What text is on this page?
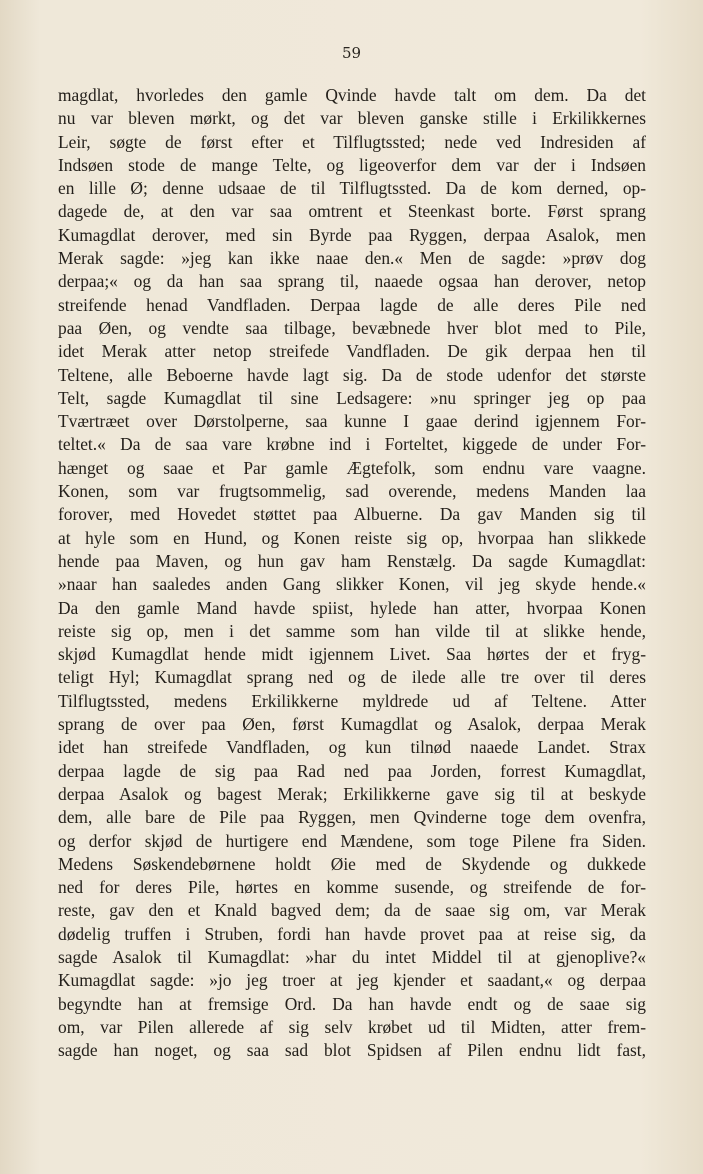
59
magdlat, hvorledes den gamle Qvinde havde talt om dem. Da det
nu var bleven mørkt, og det var bleven ganske stille i Erkilikkernes
Leir, søgte de først efter et Tilflugtssted; nede ved Indresiden af
Indsøen stode de mange Telte, og ligeoverfor dem var der i Indsøen
en lille Ø; denne udsaae de til Tilflugtssted. Da de kom derned, op-
dagede de, at den var saa omtrent et Steenkast borte. Først sprang
Kumagdlat derover, med sin Byrde paa Ryggen, derpaa Asalok, men
Merak sagde: »jeg kan ikke naae den.« Men de sagde: »prøv dog
derpaa;« og da han saa sprang til, naaede ogsaa han derover, netop
streifende henad Vandfladen. Derpaa lagde de alle deres Pile ned
paa Øen, og vendte saa tilbage, bevæbnede hver blot med to Pile,
idet Merak atter netop streifede Vandfladen. De gik derpaa hen til
Teltene, alle Beboerne havde lagt sig. Da de stode udenfor det største
Telt, sagde Kumagdlat til sine Ledsagere: »nu springer jeg op paa
Tværtræet over Dørstolperne, saa kunne I gaae derind igjennem For-
teltet.« Da de saa vare krøbne ind i Forteltet, kiggede de under For-
hænget og saae et Par gamle Ægtefolk, som endnu vare vaagne.
Konen, som var frugtsommelig, sad overende, medens Manden laa
forover, med Hovedet støttet paa Albuerne. Da gav Manden sig til
at hyle som en Hund, og Konen reiste sig op, hvorpaa han slikkede
hende paa Maven, og hun gav ham Renstælg. Da sagde Kumagdlat:
»naar han saaledes anden Gang slikker Konen, vil jeg skyde hende.«
Da den gamle Mand havde spiist, hylede han atter, hvorpaa Konen
reiste sig op, men i det samme som han vilde til at slikke hende,
skjød Kumagdlat hende midt igjennem Livet. Saa hørtes der et fryg-
teligt Hyl; Kumagdlat sprang ned og de ilede alle tre over til deres
Tilflugtssted, medens Erkilikkerne myldrede ud af Teltene. Atter
sprang de over paa Øen, først Kumagdlat og Asalok, derpaa Merak
idet han streifede Vandfladen, og kun tilnød naaede Landet. Strax
derpaa lagde de sig paa Rad ned paa Jorden, forrest Kumagdlat,
derpaa Asalok og bagest Merak; Erkilikkerne gave sig til at beskyde
dem, alle bare de Pile paa Ryggen, men Qvinderne toge dem ovenfra,
og derfor skjød de hurtigere end Mændene, som toge Pilene fra Siden.
Medens Søskendebørnene holdt Øie med de Skydende og dukkede
ned for deres Pile, hørtes en komme susende, og streifende de for-
reste, gav den et Knald bagved dem; da de saae sig om, var Merak
dødelig truffen i Struben, fordi han havde provet paa at reise sig, da
sagde Asalok til Kumagdlat: »har du intet Middel til at gjenoplive?«
Kumagdlat sagde: »jo jeg troer at jeg kjender et saadant,« og derpaa
begyndte han at fremsige Ord. Da han havde endt og de saae sig
om, var Pilen allerede af sig selv krøbet ud til Midten, atter frem-
sagde han noget, og saa sad blot Spidsen af Pilen endnu lidt fast,
